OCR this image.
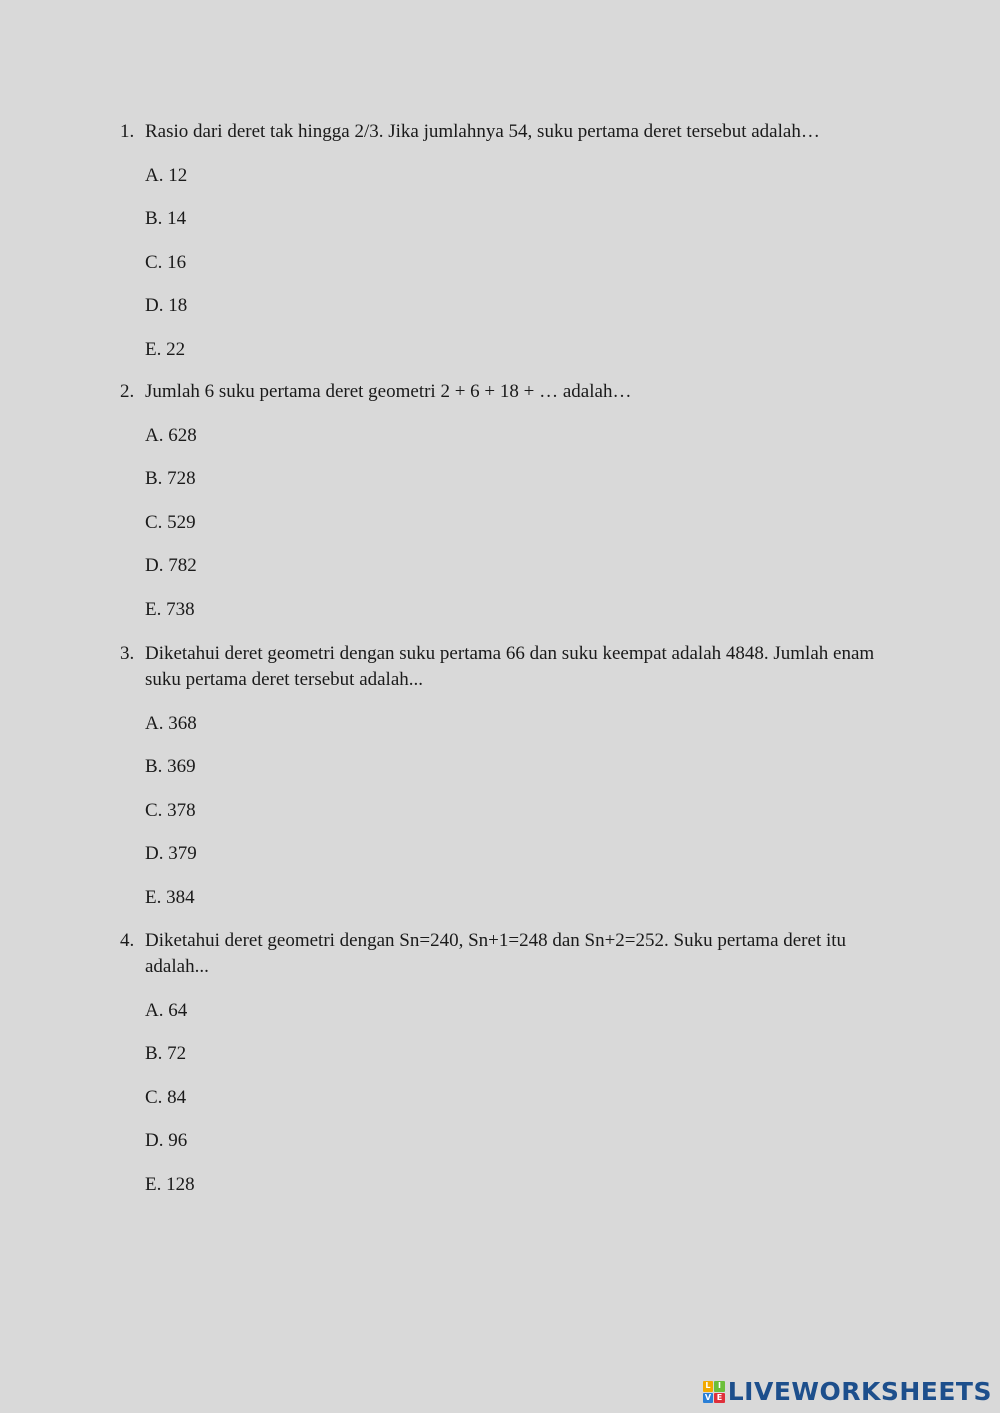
1. Rasio dari deret tak hingga 2/3. Jika jumlahnya 54, suku pertama deret tersebut adalah…
A. 12
B. 14
C. 16
D. 18
E. 22
2. Jumlah 6 suku pertama deret geometri 2 + 6 + 18 + … adalah…
A. 628
B. 728
C. 529
D. 782
E. 738
3. Diketahui deret geometri dengan suku pertama 66 dan suku keempat adalah 4848. Jumlah enam suku pertama deret tersebut adalah...
A. 368
B. 369
C. 378
D. 379
E. 384
4. Diketahui deret geometri dengan Sn=240, Sn+1=248 dan Sn+2=252. Suku pertama deret itu adalah...
A. 64
B. 72
C. 84
D. 96
E. 128
L I
V E LIVEWORKSHEETS
